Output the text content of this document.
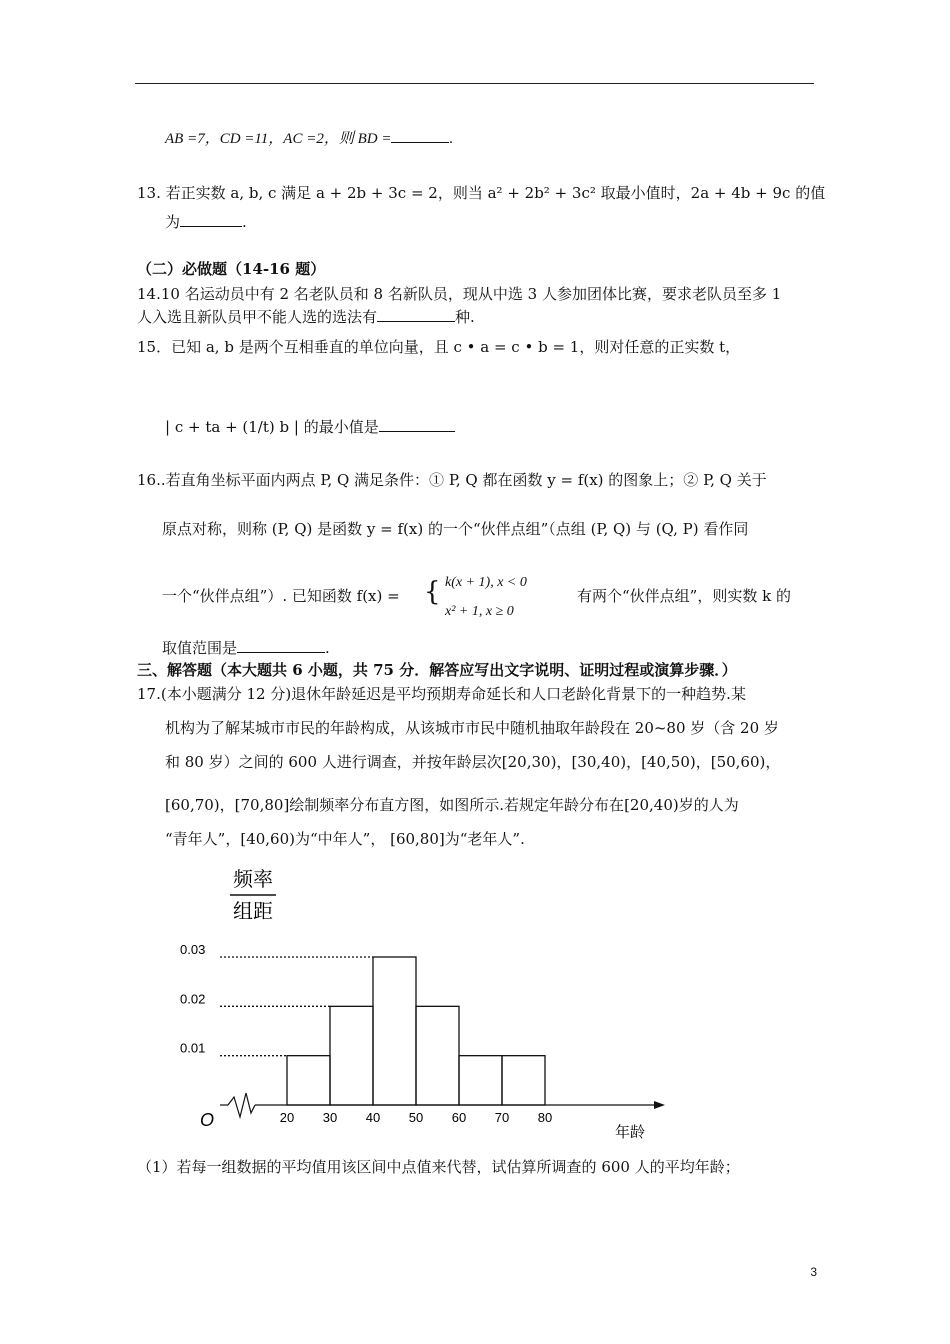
AB =7，CD =11，AC =2，则 BD =	.
13. 若正实数 a, b, c 满足 a + 2b + 3c = 2，则当 a² + 2b² + 3c² 取最小值时，2a + 4b + 9c 的值
为	.
（二）必做题（14-16 题）
14.10 名运动员中有 2 名老队员和 8 名新队员，现从中选 3 人参加团体比赛，要求老队员至多 1
人入选且新队员甲不能人选的选法有	种.
15．已知 a, b 是两个互相垂直的单位向量，且 c • a = c • b = 1，则对任意的正实数 t，
| c + ta + (1/t) b | 的最小值是
16..若直角坐标平面内两点 P, Q 满足条件：① P, Q 都在函数 y = f(x) 的图象上；② P, Q 关于
原点对称，则称 (P, Q) 是函数 y = f(x) 的一个“伙伴点组”（点组 (P, Q) 与 (Q, P) 看作同
一个“伙伴点组”）. 已知函数 f(x) = { k(x + 1), x < 0
x² + 1, x ≥ 0
有两个“伙伴点组”，则实数 k 的
取值范围是	.
三、解答题（本大题共 6 小题，共 75 分．解答应写出文字说明、证明过程或演算步骤．）
17.(本小题满分 12 分)退休年龄延迟是平均预期寿命延长和人口老龄化背景下的一种趋势.某
机构为了解某城市市民的年龄构成，从该城市市民中随机抽取年龄段在 20~80 岁（含 20 岁
和 80 岁）之间的 600 人进行调查，并按年龄层次[20,30)，[30,40)，[40,50)，[50,60)，
[60,70)，[70,80]绘制频率分布直方图，如图所示.若规定年龄分布在[20,40)岁的人为
“青年人”，[40,60)为“中年人”， [60,80]为“老年人”.
频率
组距
0.01
0.02
0.03
O	20 30 40 50 60 70 80
年龄
（1）若每一组数据的平均值用该区间中点值来代替，试估算所调查的 600 人的平均年龄；
3
